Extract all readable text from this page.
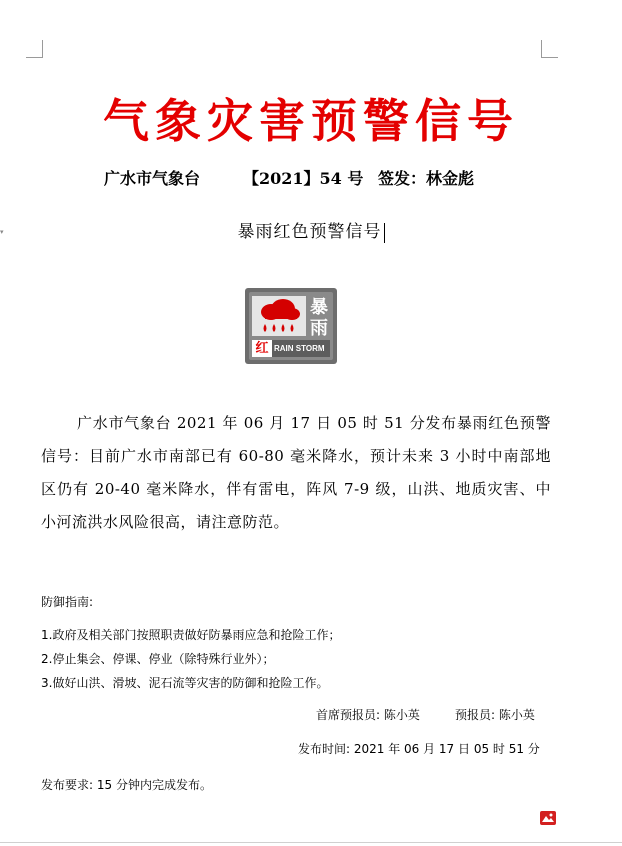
▾
气象灾害预警信号
广水市气象台	【2021】54 号 签发：林金彪
暴雨红色预警信号
暴
雨
红 RAIN STORM
广水市气象台 2021 年 06 月 17 日 05 时 51 分发布暴雨红色预警信号：目前广水市南部已有 60-80 毫米降水，预计未来 3 小时中南部地区仍有 20-40 毫米降水，伴有雷电，阵风 7-9 级，山洪、地质灾害、中小河流洪水风险很高，请注意防范。
防御指南:
1.政府及相关部门按照职责做好防暴雨应急和抢险工作；
2.停止集会、停课、停业（除特殊行业外）；
3.做好山洪、滑坡、泥石流等灾害的防御和抢险工作。
首席预报员: 陈小英	预报员: 陈小英
发布时间: 2021 年 06 月 17 日 05 时 51 分
发布要求: 15 分钟内完成发布。
